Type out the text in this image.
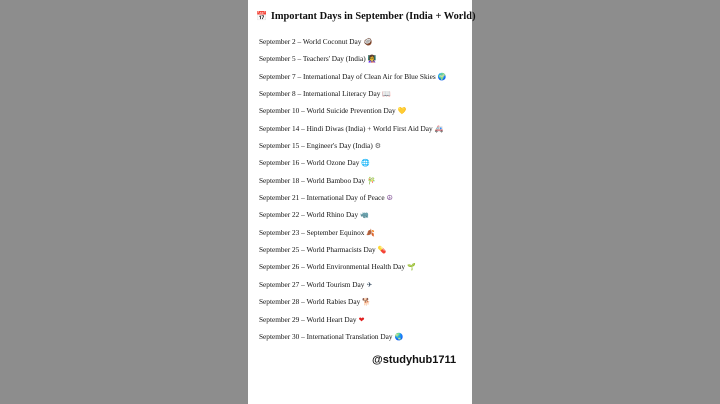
📅 Important Days in September (India + World)
September 2 – World Coconut Day 🥥
September 5 – Teachers' Day (India) 👩‍🏫
September 7 – International Day of Clean Air for Blue Skies 🌍
September 8 – International Literacy Day 📖
September 10 – World Suicide Prevention Day 💛
September 14 – Hindi Diwas (India) + World First Aid Day 🚑
September 15 – Engineer's Day (India) ⚙
September 16 – World Ozone Day 🌐
September 18 – World Bamboo Day 🎋
September 21 – International Day of Peace ☮
September 22 – World Rhino Day 🦏
September 23 – September Equinox 🍂
September 25 – World Pharmacists Day 💊
September 26 – World Environmental Health Day 🌱
September 27 – World Tourism Day ✈
September 28 – World Rabies Day 🐕
September 29 – World Heart Day ❤
September 30 – International Translation Day 🌏
@studyhub1711
